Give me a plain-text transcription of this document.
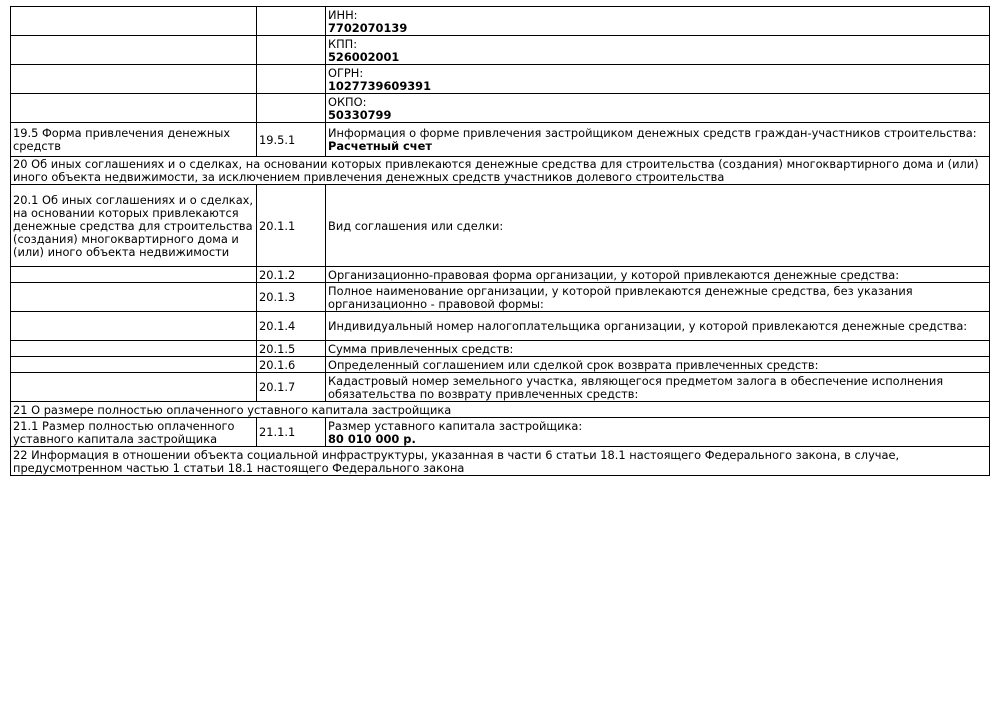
		ИНН:
7702070139

		КПП:
526002001

		ОГРН:
1027739609391

		ОКПО:
50330799

19.5 Форма привлечения денежных средств	19.5.1	Информация о форме привлечения застройщиком денежных средств граждан-участников строительства:
Расчетный счет

20 Об иных соглашениях и о сделках, на основании которых привлекаются денежные средства для строительства (создания) многоквартирного дома и (или) иного объекта недвижимости, за исключением привлечения денежных средств участников долевого строительства		
20.1 Об иных соглашениях и о сделках, на основании которых привлекаются денежные средства для строительства (создания) многоквартирного дома и (или) иного объекта недвижимости	20.1.1	Вид соглашения или сделки:

	20.1.2	Организационно-правовая форма организации, у которой привлекаются денежные средства:

	20.1.3	Полное наименование организации, у которой привлекаются денежные средства, без указания организационно - правовой формы:

	20.1.4	Индивидуальный номер налогоплательщика организации, у которой привлекаются денежные средства:

	20.1.5	Сумма привлеченных средств:

	20.1.6	Определенный соглашением или сделкой срок возврата привлеченных средств:

	20.1.7	Кадастровый номер земельного участка, являющегося предметом залога в обеспечение исполнения обязательства по возврату привлеченных средств:

21 О размере полностью оплаченного уставного капитала застройщика		
21.1 Размер полностью оплаченного уставного капитала застройщика	21.1.1	Размер уставного капитала застройщика:
80 010 000 р.

22 Информация в отношении объекта социальной инфраструктуры, указанная в части 6 статьи 18.1 настоящего Федерального закона, в случае, предусмотренном частью 1 статьи 18.1 настоящего Федерального закона		
